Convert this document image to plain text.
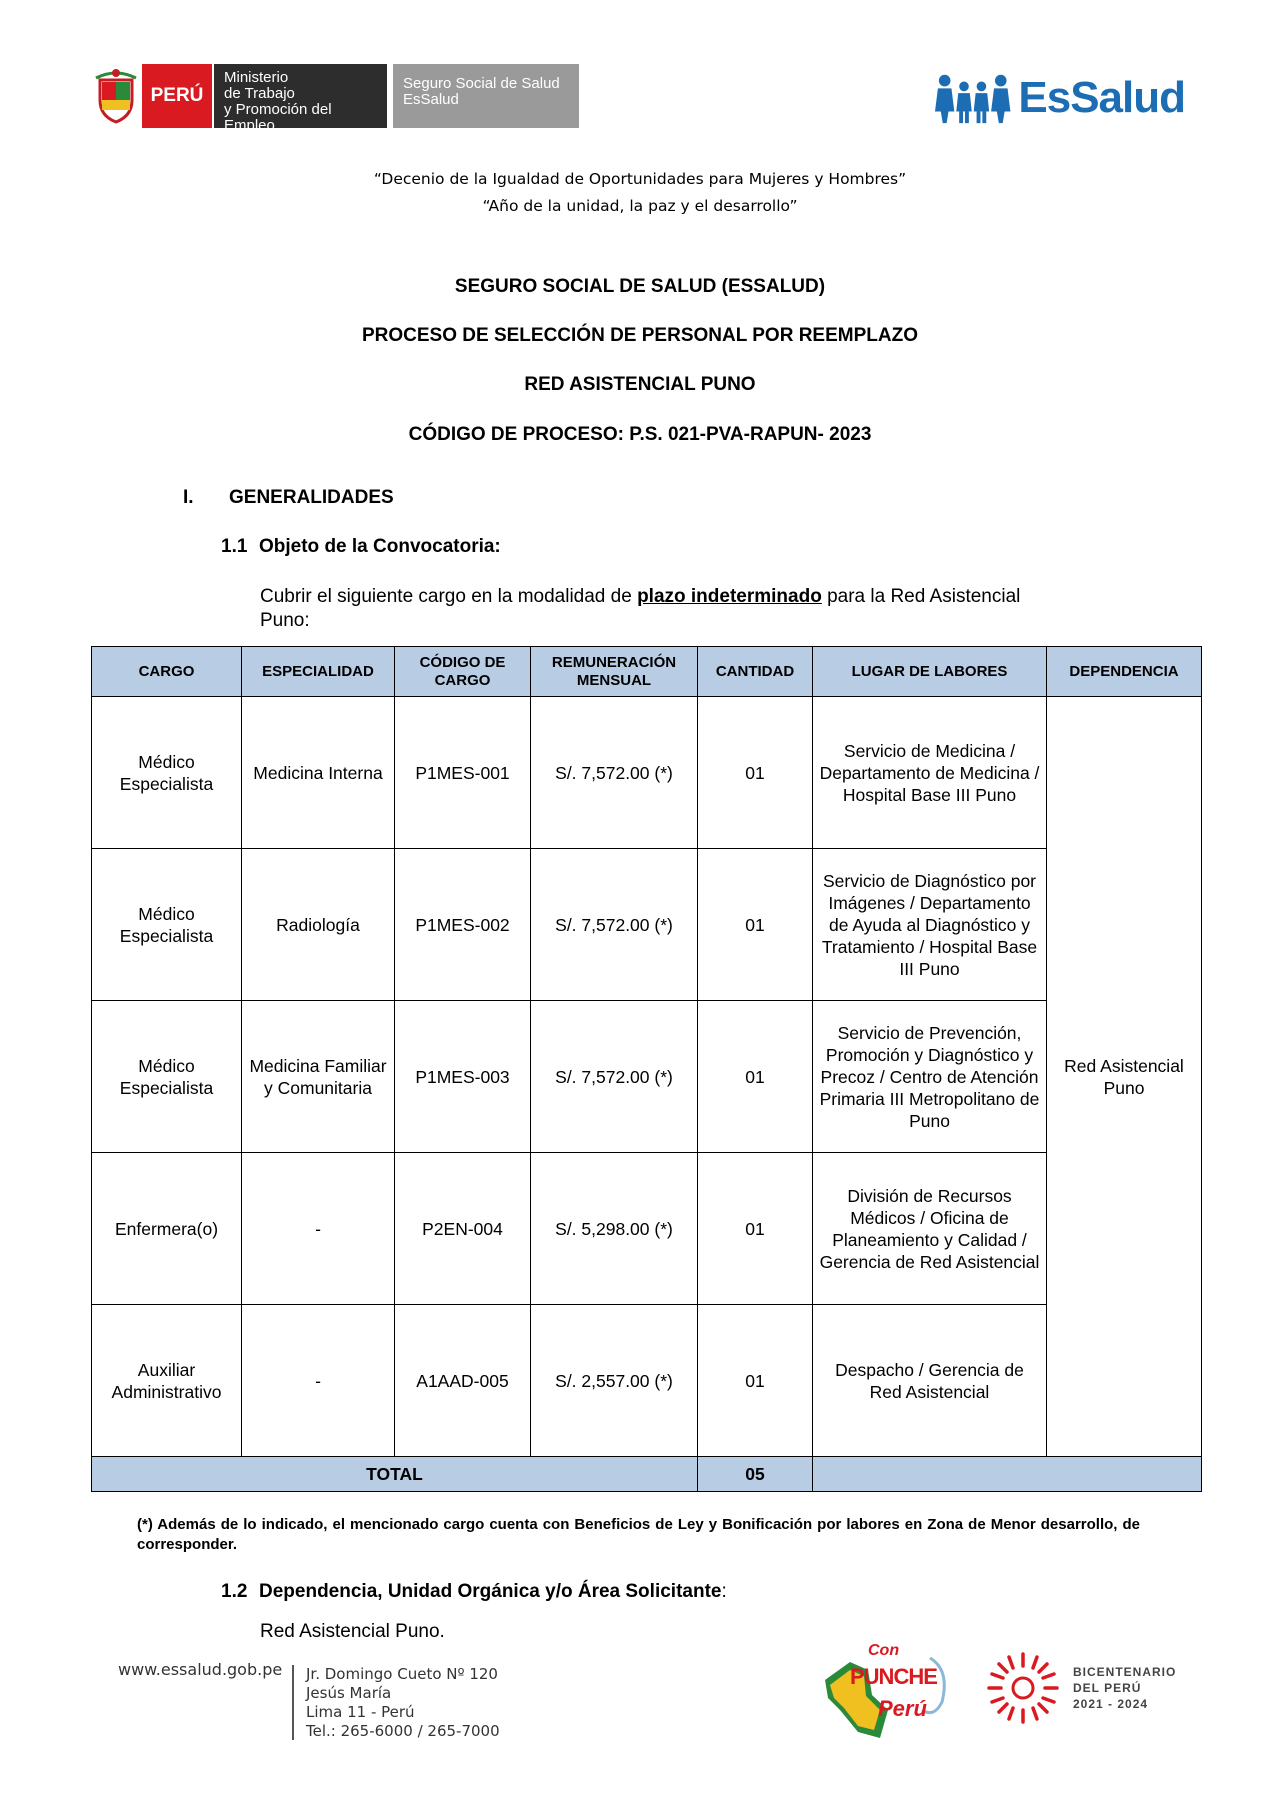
PERÚ
Ministerio
de Trabajo
y Promoción del Empleo
Seguro Social de Salud
EsSalud	EsSalud
“Decenio de la Igualdad de Oportunidades para Mujeres y Hombres”
“Año de la unidad, la paz y el desarrollo”
SEGURO SOCIAL DE SALUD (ESSALUD)
PROCESO DE SELECCIÓN DE PERSONAL POR REEMPLAZO
RED ASISTENCIAL PUNO
CÓDIGO DE PROCESO: P.S. 021-PVA-RAPUN- 2023
I. GENERALIDADES
1.1 Objeto de la Convocatoria:
Cubrir el siguiente cargo en la modalidad de plazo indeterminado para la Red Asistencial
Puno:
CARGO	ESPECIALIDAD	CÓDIGO DE CARGO	REMUNERACIÓN MENSUAL	CANTIDAD	LUGAR DE LABORES	DEPENDENCIA
Médico Especialista	Medicina Interna	P1MES-001	S/. 7,572.00 (*)	01	Servicio de Medicina / Departamento de Medicina / Hospital Base III Puno	Red Asistencial Puno
Médico Especialista	Radiología	P1MES-002	S/. 7,572.00 (*)	01	Servicio de Diagnóstico por Imágenes / Departamento de Ayuda al Diagnóstico y Tratamiento / Hospital Base III Puno	
Médico Especialista	Medicina Familiar y Comunitaria	P1MES-003	S/. 7,572.00 (*)	01	Servicio de Prevención, Promoción y Diagnóstico y Precoz / Centro de Atención Primaria III Metropolitano de Puno	
Enfermera(o)	-	P2EN-004	S/. 5,298.00 (*)	01	División de Recursos Médicos / Oficina de Planeamiento y Calidad / Gerencia de Red Asistencial	
Auxiliar Administrativo	-	A1AAD-005	S/. 2,557.00 (*)	01	Despacho / Gerencia de Red Asistencial	
TOTAL				05		
(*) Además de lo indicado, el mencionado cargo cuenta con Beneficios de Ley y Bonificación por labores en Zona de Menor desarrollo, de corresponder.
1.2 Dependencia, Unidad Orgánica y/o Área Solicitante:
Red Asistencial Puno.
www.essalud.gob.pe Jr. Domingo Cueto Nº 120
Jesús María
Lima 11 - Perú
Tel.: 265-6000 / 265-7000
Con
PUNCHE
Perú
BICENTENARIO
DEL PERÚ
2021 - 2024
